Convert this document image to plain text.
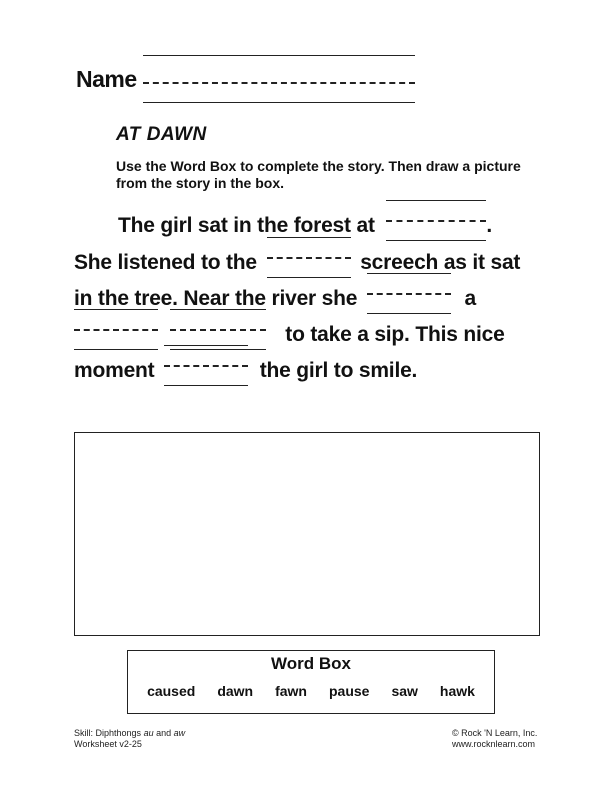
Name
AT DAWN
Use the Word Box to complete the story. Then draw a picture
from the story in the box.
The girl sat in the forest at	.
She listened to the	screech as it sat
in the tree. Near the river she	a

to take a sip. This nice
moment	the girl to smile.
Word Box
caused dawn fawn pause saw hawk
Skill: Diphthongs au and aw
Worksheet v2-25
© Rock 'N Learn, Inc.
www.rocknlearn.com
